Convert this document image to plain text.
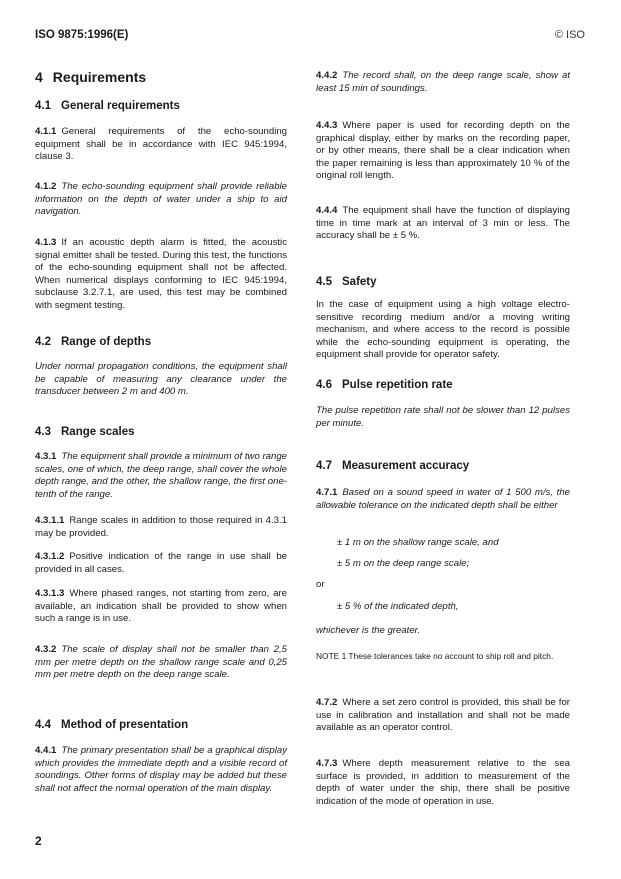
ISO 9875:1996(E)	© ISO
4 Requirements
4.1 General requirements

4.1.1 General requirements of the echo-sounding equipment shall be in accordance with IEC 945:1994, clause 3.

4.1.2 The echo-sounding equipment shall provide reliable information on the depth of water under a ship to aid navigation.

4.1.3 If an acoustic depth alarm is fitted, the acoustic signal emitter shall be tested. During this test, the functions of the echo-sounding equipment shall not be affected. When numerical displays conforming to IEC 945:1994, subclause 3.2.7.1, are used, this test may be combined with segment testing.

4.2 Range of depths

Under normal propagation conditions, the equipment shall be capable of measuring any clearance under the transducer between 2 m and 400 m.

4.3 Range scales

4.3.1 The equipment shall provide a minimum of two range scales, one of which, the deep range, shall cover the whole depth range, and the other, the shallow range, the first one-tenth of the range.

4.3.1.1 Range scales in addition to those required in 4.3.1 may be provided.

4.3.1.2 Positive indication of the range in use shall be provided in all cases.

4.3.1.3 Where phased ranges, not starting from zero, are available, an indication shall be provided to show when such a range is in use.

4.3.2 The scale of display shall not be smaller than 2,5 mm per metre depth on the shallow range scale and 0,25 mm per metre depth on the deep range scale.

4.4 Method of presentation

4.4.1 The primary presentation shall be a graphical display which provides the immediate depth and a visible record of soundings. Other forms of display may be added but these shall not affect the normal operation of the main display.

4.4.2 The record shall, on the deep range scale, show at least 15 min of soundings.

4.4.3 Where paper is used for recording depth on the graphical display, either by marks on the recording paper, or by other means, there shall be a clear indication when the paper remaining is less than approximately 10 % of the original roll length.

4.4.4 The equipment shall have the function of displaying time in time mark at an interval of 3 min or less. The accuracy shall be ± 5 %.

4.5 Safety

In the case of equipment using a high voltage electro-sensitive recording medium and/or a moving writing mechanism, and where access to the record is possible while the echo-sounding equipment is operating, the equipment shall provide for operator safety.

4.6 Pulse repetition rate

The pulse repetition rate shall not be slower than 12 pulses per minute.

4.7 Measurement accuracy

4.7.1 Based on a sound speed in water of 1 500 m/s, the allowable tolerance on the indicated depth shall be either

± 1 m on the shallow range scale, and

± 5 m on the deep range scale;

or

± 5 % of the indicated depth,

whichever is the greater.

NOTE 1 These tolerances take no account to ship roll and pitch.

4.7.2 Where a set zero control is provided, this shall be for use in calibration and installation and shall not be made available as an operator control.

4.7.3 Where depth measurement relative to the sea surface is provided, in addition to measurement of the depth of water under the ship, there shall be positive indication of the mode of operation in use.

2
